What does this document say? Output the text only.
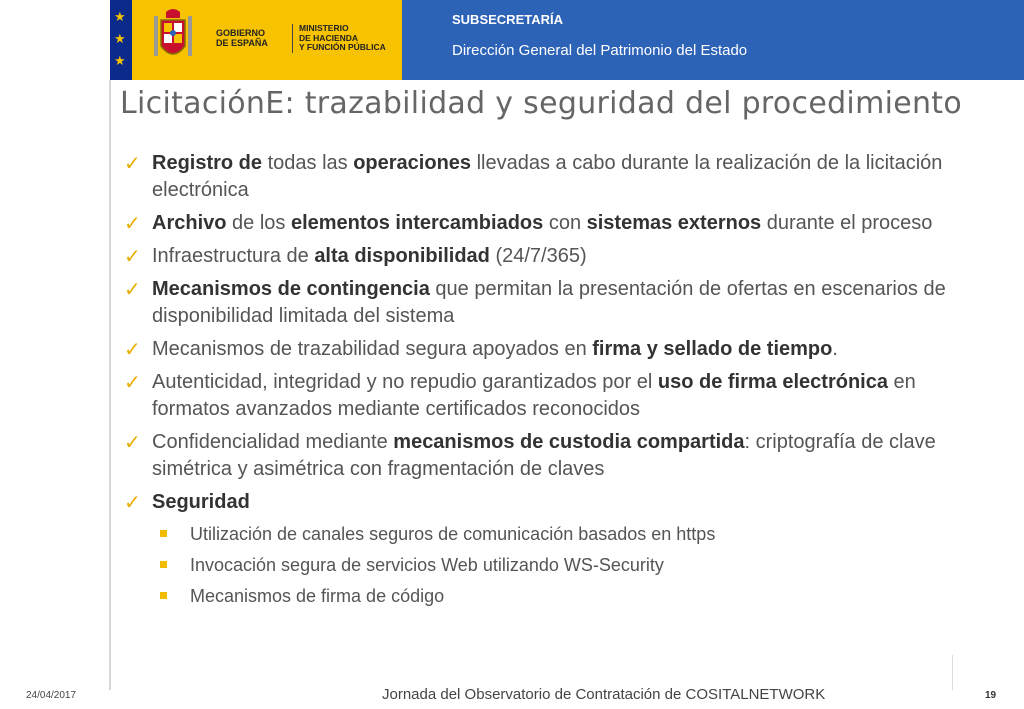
★
★
★
GOBIERNO
DE ESPAÑA
MINISTERIO
DE HACIENDA
Y FUNCIÓN PÚBLICA
SUBSECRETARÍA
Dirección General del Patrimonio del Estado
LicitaciónE: trazabilidad y seguridad del procedimiento
✓ Registro de todas las operaciones llevadas a cabo durante la realización de la licitación electrónica
✓ Archivo de los elementos intercambiados con sistemas externos durante el proceso
✓ Infraestructura de alta disponibilidad (24/7/365)
✓ Mecanismos de contingencia que permitan la presentación de ofertas en escenarios de disponibilidad limitada del sistema
✓ Mecanismos de trazabilidad segura apoyados en firma y sellado de tiempo.
✓ Autenticidad, integridad y no repudio garantizados por el uso de firma electrónica en formatos avanzados mediante certificados reconocidos
✓ Confidencialidad mediante mecanismos de custodia compartida: criptografía de clave simétrica y asimétrica con fragmentación de claves
✓ Seguridad
Utilización de canales seguros de comunicación basados en https
Invocación segura de servicios Web utilizando WS-Security
Mecanismos de firma de código
24/04/2017	Jornada del Observatorio de Contratación de COSITALNETWORK	19
